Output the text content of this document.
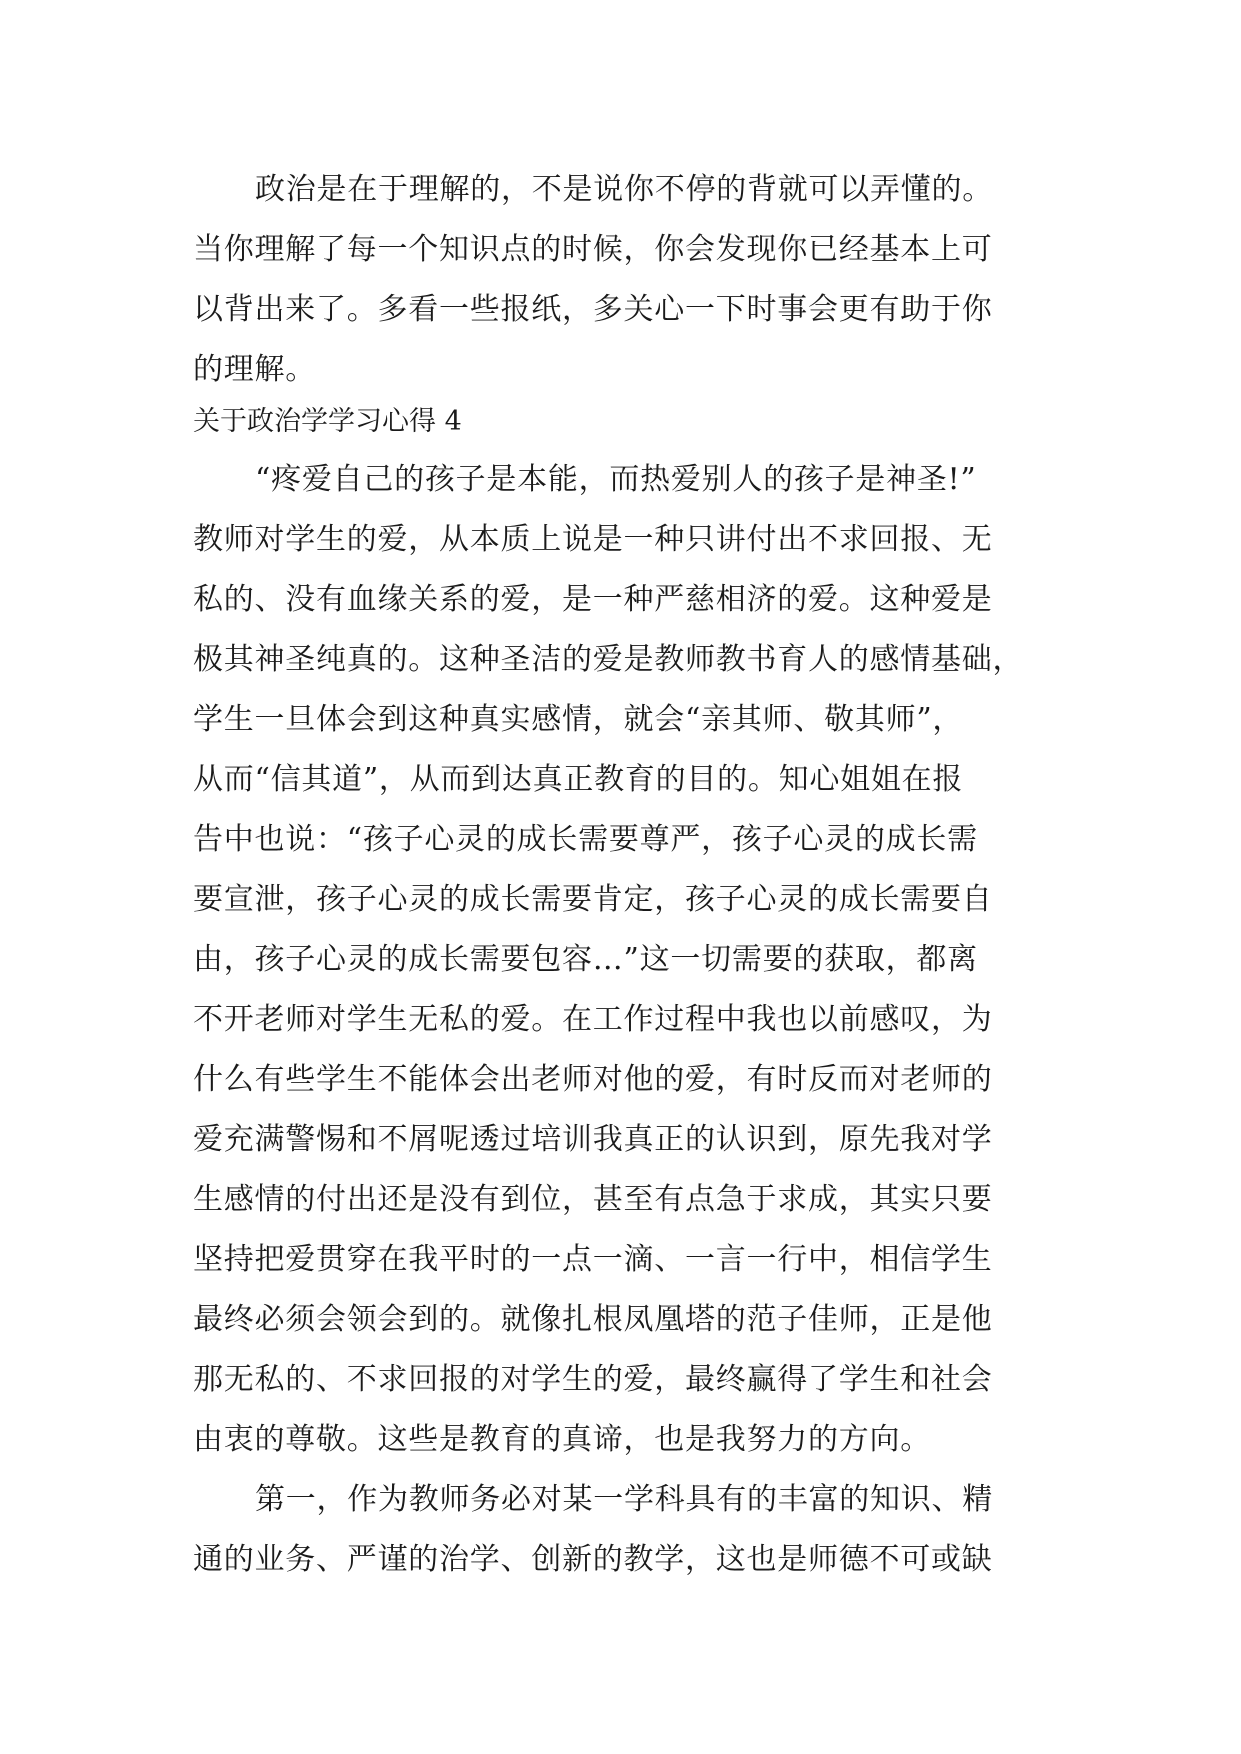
政治是在于理解的，不是说你不停的背就可以弄懂的。
当你理解了每一个知识点的时候，你会发现你已经基本上可
以背出来了。多看一些报纸，多关心一下时事会更有助于你
的理解。
关于政治学学习心得 4
“疼爱自己的孩子是本能，而热爱别人的孩子是神圣!”
教师对学生的爱，从本质上说是一种只讲付出不求回报、无
私的、没有血缘关系的爱，是一种严慈相济的爱。这种爱是
极其神圣纯真的。这种圣洁的爱是教师教书育人的感情基础，
学生一旦体会到这种真实感情，就会“亲其师、敬其师”，
从而“信其道”，从而到达真正教育的目的。知心姐姐在报
告中也说：“孩子心灵的成长需要尊严，孩子心灵的成长需
要宣泄，孩子心灵的成长需要肯定，孩子心灵的成长需要自
由，孩子心灵的成长需要包容…”这一切需要的获取，都离
不开老师对学生无私的爱。在工作过程中我也以前感叹，为
什么有些学生不能体会出老师对他的爱，有时反而对老师的
爱充满警惕和不屑呢透过培训我真正的认识到，原先我对学
生感情的付出还是没有到位，甚至有点急于求成，其实只要
坚持把爱贯穿在我平时的一点一滴、一言一行中，相信学生
最终必须会领会到的。就像扎根凤凰塔的范子佳师，正是他
那无私的、不求回报的对学生的爱，最终赢得了学生和社会
由衷的尊敬。这些是教育的真谛，也是我努力的方向。
第一，作为教师务必对某一学科具有的丰富的知识、精
通的业务、严谨的治学、创新的教学，这也是师德不可或缺
